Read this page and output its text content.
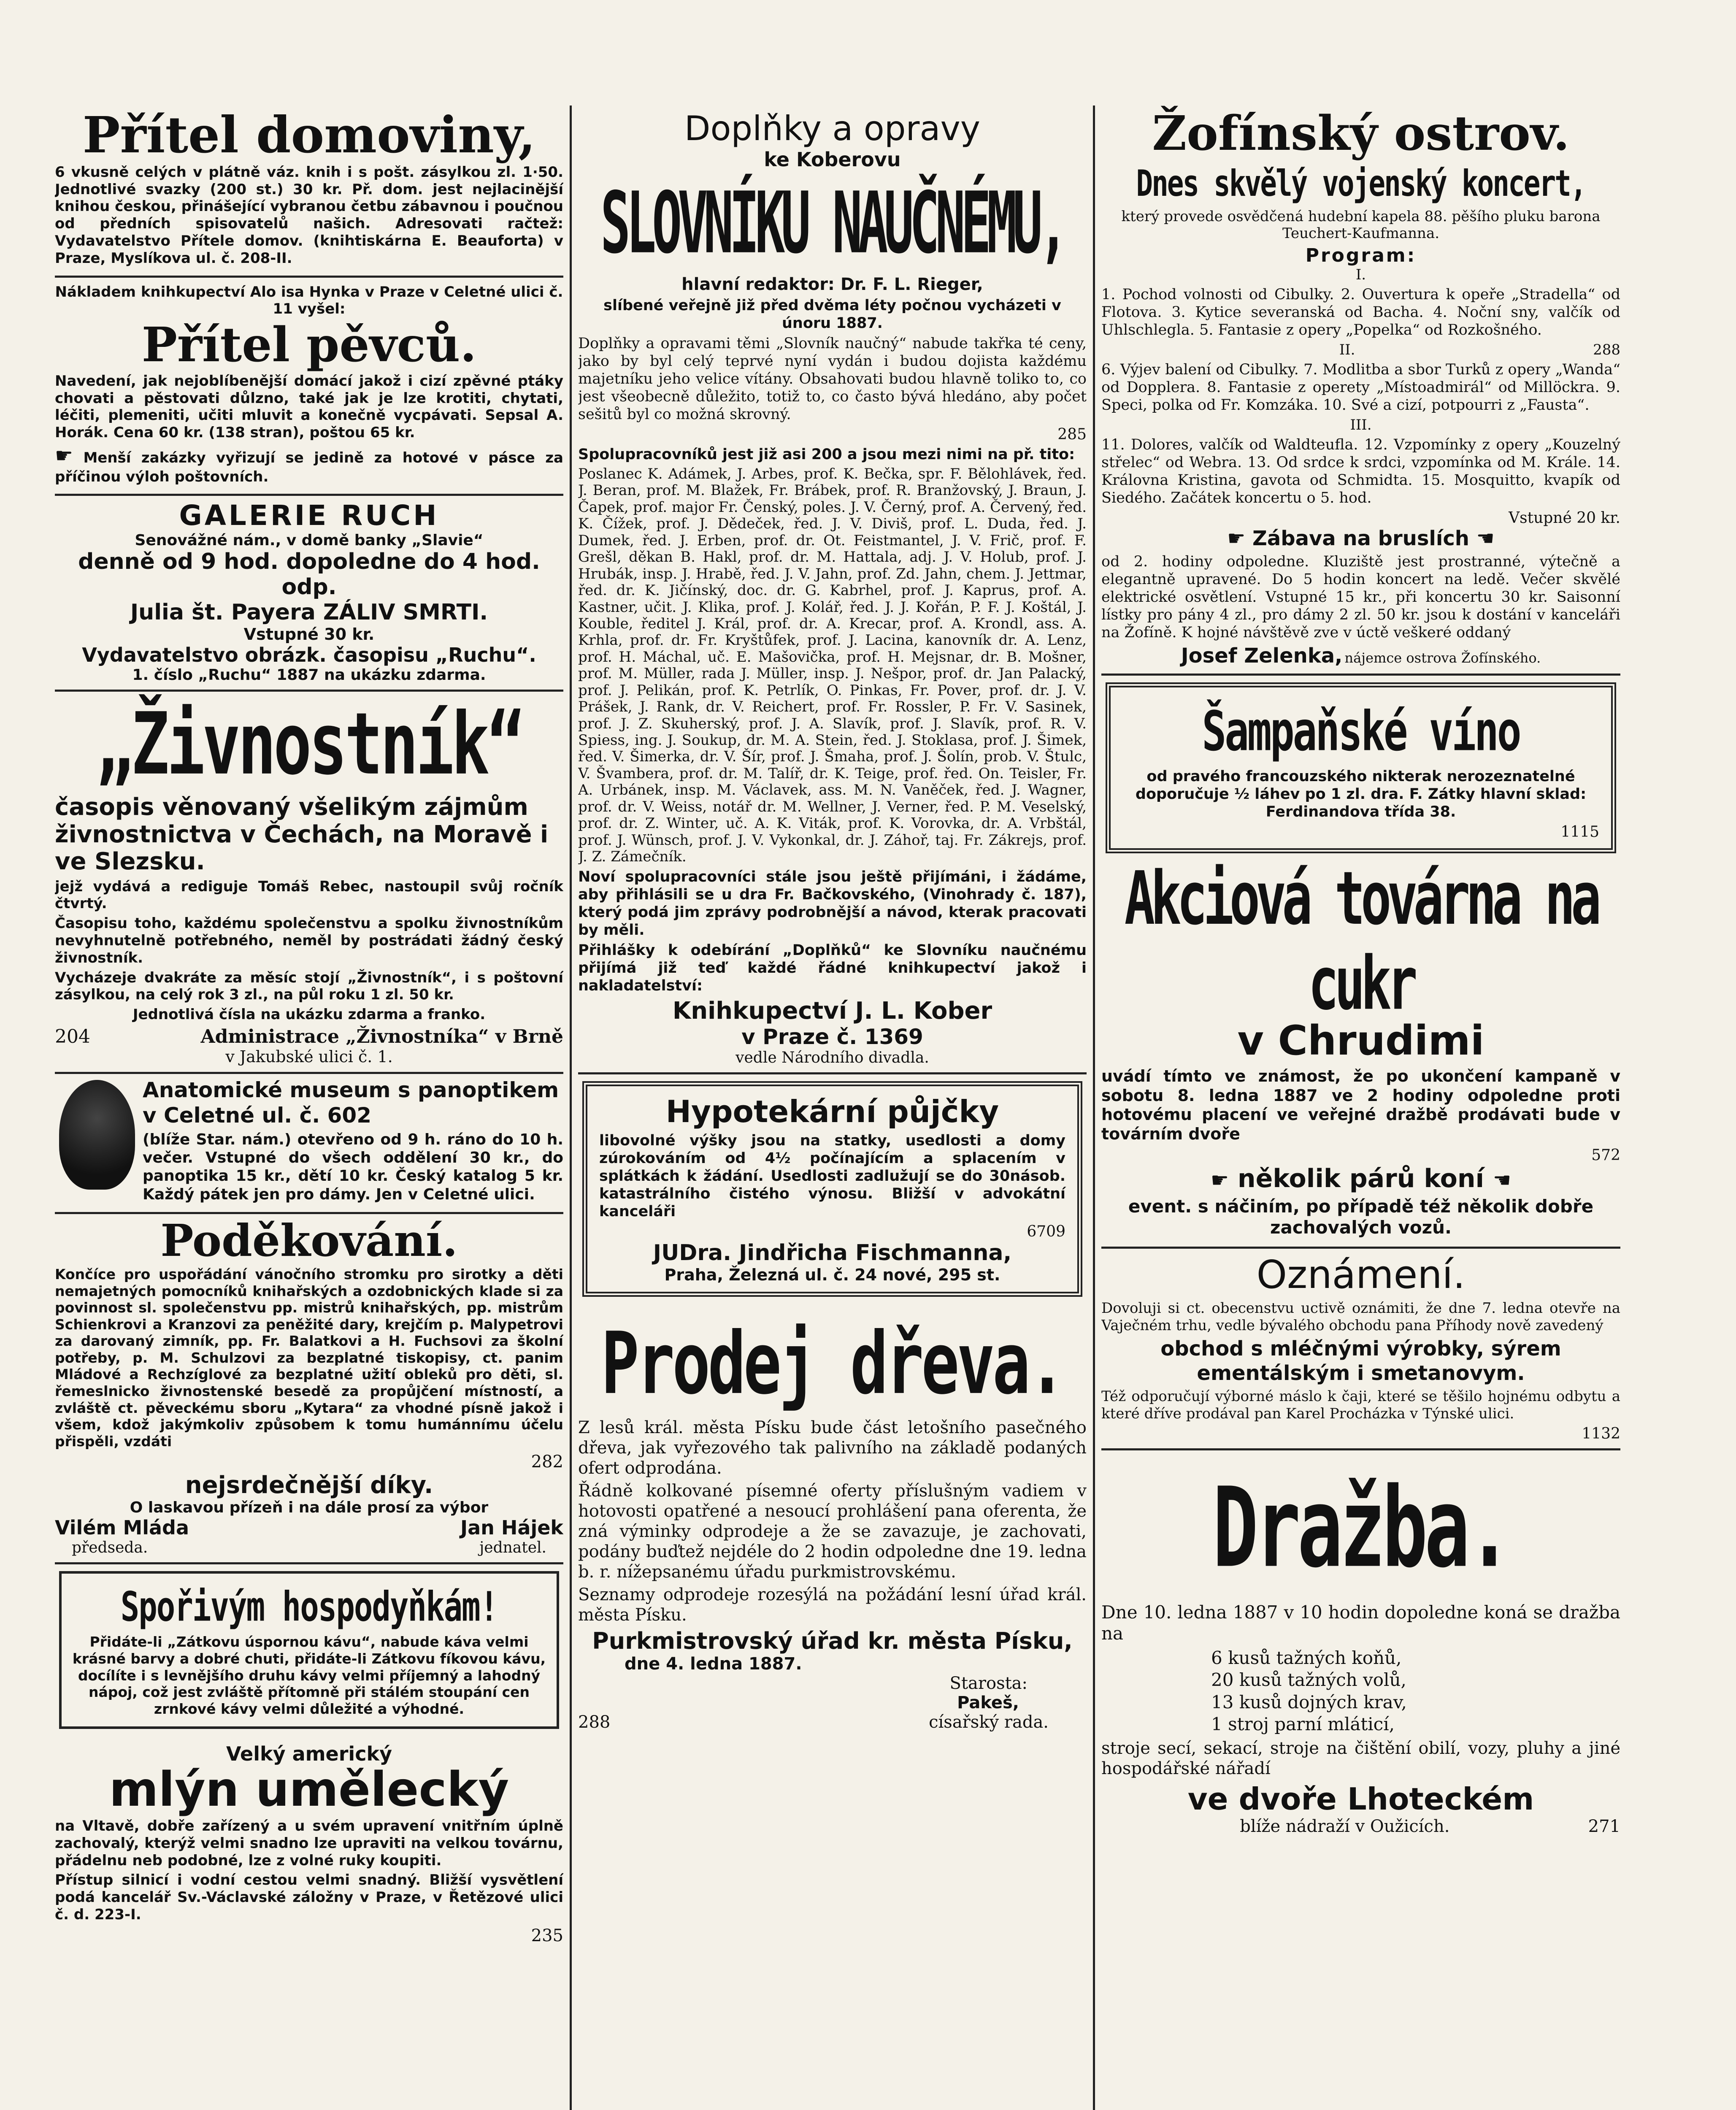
Přítel domoviny,

6 vkusně celých v plátně váz. knih i s pošt. zásylkou zl. 1·50. Jednotlivé svazky (200 st.) 30 kr. Př. dom. jest nejlacinější knihou českou, přinášející vybranou četbu zábavnou i poučnou od předních spisovatelů našich. Adresovati račtež: Vydavatelstvo Přítele domov. (knihtiskárna E. Beauforta) v Praze, Myslíkova ul. č. 208-II.

Nákladem knihkupectví Alo isa Hynka v Praze v Celetné ulici č. 11 vyšel:

Přítel pěvců.

Navedení, jak nejoblíbenější domácí jakož i cizí zpěvné ptáky chovati a pěstovati důlzno, také jak je lze krotiti, chytati, léčiti, plemeniti, učiti mluvit a konečně vycpávati. Sepsal A. Horák. Cena 60 kr. (138 stran), poštou 65 kr.

☛ Menší zakázky vyřizují se jedině za hotové v pásce za příčinou výloh poštovních.

GALERIE RUCH
Senovážné nám., v domě banky „Slavie“
denně od 9 hod. dopoledne do 4 hod. odp.
Julia št. Payera ZÁLIV SMRTI.
Vstupné 30 kr.
Vydavatelstvo obrázk. časopisu „Ruchu“.
1. číslo „Ruchu“ 1887 na ukázku zdarma.
„Živnostník“

časopis věnovaný všelikým zájmům živnostnictva v Čechách, na Moravě i ve Slezsku.

jejž vydává a rediguje Tomáš Rebec, nastoupil svůj ročník čtvrtý.

Časopisu toho, každému společenstvu a spolku živnostníkům nevyhnutelně potřebného, neměl by postrádati žádný český živnostník.

Vycházeje dvakráte za měsíc stojí „Živnostník“, i s poštovní zásylkou, na celý rok 3 zl., na půl roku 1 zl. 50 kr.

Jednotlivá čísla na ukázku zdarma a franko.

204	Administrace „Živnostníka“ v Brně
v Jakubské ulici č. 1.

Anatomické museum s panoptikem v Celetné ul. č. 602

(blíže Star. nám.) otevřeno od 9 h. ráno do 10 h. večer. Vstupné do všech oddělení 30 kr., do panoptika 15 kr., dětí 10 kr. Český katalog 5 kr. Každý pátek jen pro dámy. Jen v Celetné ulici.

Poděkování.

Končíce pro uspořádání vánočního stromku pro sirotky a děti nemajetných pomocníků knihařských a ozdobnických klade si za povinnost sl. společenstvu pp. mistrů knihařských, pp. mistrům Schienkrovi a Kranzovi za peněžité dary, krejčím p. Malypetrovi za darovaný zimník, pp. Fr. Balatkovi a H. Fuchsovi za školní potřeby, p. M. Schulzovi za bezplatné tiskopisy, ct. panim Mládové a Rechzíglové za bezplatné užití obleků pro děti, sl. řemeslnicko živnostenské besedě za propůjčení místností, a zvláště ct. pěveckému sboru „Kytara“ za vhodné písně jakož i všem, kdož jakýmkoliv způsobem k tomu humánnímu účelu přispěli, vzdáti

282
nejsrdečnější díky.
O laskavou přízeň i na dále prosí za výbor
Vilém Mláda	Jan Hájek
předseda.	jednatel.
Spořivým hospodyňkám!

Přidáte-li „Zátkovu úspornou kávu“, nabude káva velmi krásné barvy a dobré chuti, přidáte-li Zátkovu fíkovou kávu, docílíte i s levnějšího druhu kávy velmi příjemný a lahodný nápoj, což jest zvláště přítomně při stálém stoupání cen zrnkové kávy velmi důležité a výhodné.

Velký americký
mlýn umělecký

na Vltavě, dobře zařízený a u svém upravení vnitřním úplně zachovalý, kterýž velmi snadno lze upraviti na velkou továrnu, přádelnu neb podobné, lze z volné ruky koupiti.

Přístup silnicí i vodní cestou velmi snadný. Bližší vysvětlení podá kancelář Sv.-Václavské záložny v Praze, v Řetězové ulici č. d. 223-I.

235
Doplňky a opravy
ke Koberovu
SLOVNÍKU NAUČNÉMU,
hlavní redaktor: Dr. F. L. Rieger,

slíbené veřejně již před dvěma léty počnou vycházeti v únoru 1887.

Doplňky a opravami těmi „Slovník naučný“ nabude takřka té ceny, jako by byl celý teprvé nyní vydán i budou dojista každému majetníku jeho velice vítány. Obsahovati budou hlavně toliko to, co jest všeobecně důležito, totiž to, co často bývá hledáno, aby počet sešitů byl co možná skrovný.

285

Spolupracovníků jest již asi 200 a jsou mezi nimi na př. tito:

Poslanec K. Adámek, J. Arbes, prof. K. Bečka, spr. F. Bělohlávek, řed. J. Beran, prof. M. Blažek, Fr. Brábek, prof. R. Branžovský, J. Braun, J. Čapek, prof. major Fr. Čenský, poles. J. V. Černý, prof. A. Červený, řed. K. Čížek, prof. J. Dědeček, řed. J. V. Diviš, prof. L. Duda, řed. J. Dumek, řed. J. Erben, prof. dr. Ot. Feistmantel, J. V. Frič, prof. F. Grešl, děkan B. Hakl, prof. dr. M. Hattala, adj. J. V. Holub, prof. J. Hrubák, insp. J. Hrabě, řed. J. V. Jahn, prof. Zd. Jahn, chem. J. Jettmar, řed. dr. K. Jičínský, doc. dr. G. Kabrhel, prof. J. Kaprus, prof. A. Kastner, učit. J. Klika, prof. J. Kolář, řed. J. J. Kořán, P. F. J. Koštál, J. Kouble, ředitel J. Král, prof. dr. A. Krecar, prof. A. Krondl, ass. A. Krhla, prof. dr. Fr. Kryštůfek, prof. J. Lacina, kanovník dr. A. Lenz, prof. H. Máchal, uč. E. Mašovička, prof. H. Mejsnar, dr. B. Mošner, prof. M. Müller, rada J. Müller, insp. J. Nešpor, prof. dr. Jan Palacký, prof. J. Pelikán, prof. K. Petrlík, O. Pinkas, Fr. Pover, prof. dr. J. V. Prášek, J. Rank, dr. V. Reichert, prof. Fr. Rossler, P. Fr. V. Sasinek, prof. J. Z. Skuherský, prof. J. A. Slavík, prof. J. Slavík, prof. R. V. Spiess, ing. J. Soukup, dr. M. A. Stein, řed. J. Stoklasa, prof. J. Šimek, řed. V. Šimerka, dr. V. Šír, prof. J. Šmaha, prof. J. Šolín, prob. V. Štulc, V. Švambera, prof. dr. M. Talíř, dr. K. Teige, prof. řed. On. Teisler, Fr. A. Urbánek, insp. M. Václavek, ass. M. N. Vaněček, řed. J. Wagner, prof. dr. V. Weiss, notář dr. M. Wellner, J. Verner, řed. P. M. Veselský, prof. dr. Z. Winter, uč. A. K. Viták, prof. K. Vorovka, dr. A. Vrbštál, prof. J. Wünsch, prof. J. V. Vykonkal, dr. J. Záhoř, taj. Fr. Zákrejs, prof. J. Z. Zámečník.

Noví spolupracovníci stále jsou ještě přijímáni, i žádáme, aby přihlásili se u dra Fr. Bačkovského, (Vinohrady č. 187), který podá jim zprávy podrobnější a návod, kterak pracovati by měli.

Přihlášky k odebírání „Doplňků“ ke Slovníku naučnému přijímá již teď každé řádné knihkupectví jakož i nakladatelství:

Knihkupectví J. L. Kober
v Praze č. 1369
vedle Národního divadla.
Hypotekární půjčky

libovolné výšky jsou na statky, usedlosti a domy zúrokováním od 4½ počínajícím a splacením v splátkách k žádání. Usedlosti zadlužují se do 30násob. katastrálního čistého výnosu. Bližší v advokátní kanceláři

6709
JUDra. Jindřicha Fischmanna,
Praha, Železná ul. č. 24 nové, 295 st.
Prodej dřeva.

Z lesů král. města Písku bude část letošního pasečného dřeva, jak vyřezového tak palivního na základě podaných ofert odprodána.

Řádně kolkované písemné oferty příslušným vadiem v hotovosti opatřené a nesoucí prohlášení pana oferenta, že zná výminky odprodeje a že se zavazuje, je zachovati, podány buďtež nejdéle do 2 hodin odpoledne dne 19. ledna b. r. nížepsanému úřadu purkmistrovskému.

Seznamy odprodeje rozesýlá na požádání lesní úřad král. města Písku.

Purkmistrovský úřad kr. města Písku,
dne 4. ledna 1887.
Starosta:
Pakeš,
288	císařský rada.
Žofínský ostrov.
Dnes skvělý vojenský koncert,

který provede osvědčená hudební kapela 88. pěšího pluku barona Teuchert-Kaufmanna.

Program:
I.

1. Pochod volnosti od Cibulky. 2. Ouvertura k opeře „Stradella“ od Flotova. 3. Kytice severanská od Bacha. 4. Noční sny, valčík od Uhlschlegla. 5. Fantasie z opery „Popelka“ od Rozkošného.

II.	288

6. Výjev balení od Cibulky. 7. Modlitba a sbor Turků z opery „Wanda“ od Dopplera. 8. Fantasie z operety „Místoadmirál“ od Millöckra. 9. Speci, polka od Fr. Komzáka. 10. Své a cizí, potpourri z „Fausta“.

III.

11. Dolores, valčík od Waldteufla. 12. Vzpomínky z opery „Kouzelný střelec“ od Webra. 13. Od srdce k srdci, vzpomínka od M. Krále. 14. Královna Kristina, gavota od Schmidta. 15. Mosquitto, kvapík od Siedého. Začátek koncertu o 5. hod.

Vstupné 20 kr.
☛ Zábava na bruslích ☚

od 2. hodiny odpoledne. Kluziště jest prostranné, výtečně a elegantně upravené. Do 5 hodin koncert na ledě. Večer skvělé elektrické osvětlení. Vstupné 15 kr., při koncertu 30 kr. Saisonní lístky pro pány 4 zl., pro dámy 2 zl. 50 kr. jsou k dostání v kanceláři na Žofíně. K hojné návštěvě zve v úctě veškeré oddaný

Josef Zelenka, nájemce ostrova Žofínského.
Šampaňské víno

od pravého francouzského nikterak nerozeznatelné doporučuje ½ láhev po 1 zl. dra. F. Zátky hlavní sklad: Ferdinandova třída 38.

1115
Akciová továrna na cukr
v Chrudimi

uvádí tímto ve známost, že po ukončení kampaně v sobotu 8. ledna 1887 ve 2 hodiny odpoledne proti hotovému placení ve veřejné dražbě prodávati bude v továrním dvoře

572
☛ několik párů koní ☚

event. s náčiním, po případě též několik dobře zachovalých vozů.

Oznámení.

Dovoluji si ct. obecenstvu uctivě oznámiti, že dne 7. ledna otevře na Vaječném trhu, vedle bývalého obchodu pana Příhody nově zavedený

obchod s mléčnými výrobky, sýrem ementálským i smetanovym.

Též odporučují výborné máslo k čaji, které se těšilo hojnému odbytu a které dříve prodával pan Karel Procházka v Týnské ulici.

1132
Dražba.

Dne 10. ledna 1887 v 10 hodin dopoledne koná se dražba na

6 kusů tažných koňů,
20 kusů tažných volů,
13 kusů dojných krav,
1 stroj parní mláticí,

stroje secí, sekací, stroje na čištění obilí, vozy, pluhy a jiné hospodářské nářadí

ve dvoře Lhoteckém
blíže nádraží v Oužicích.	271
